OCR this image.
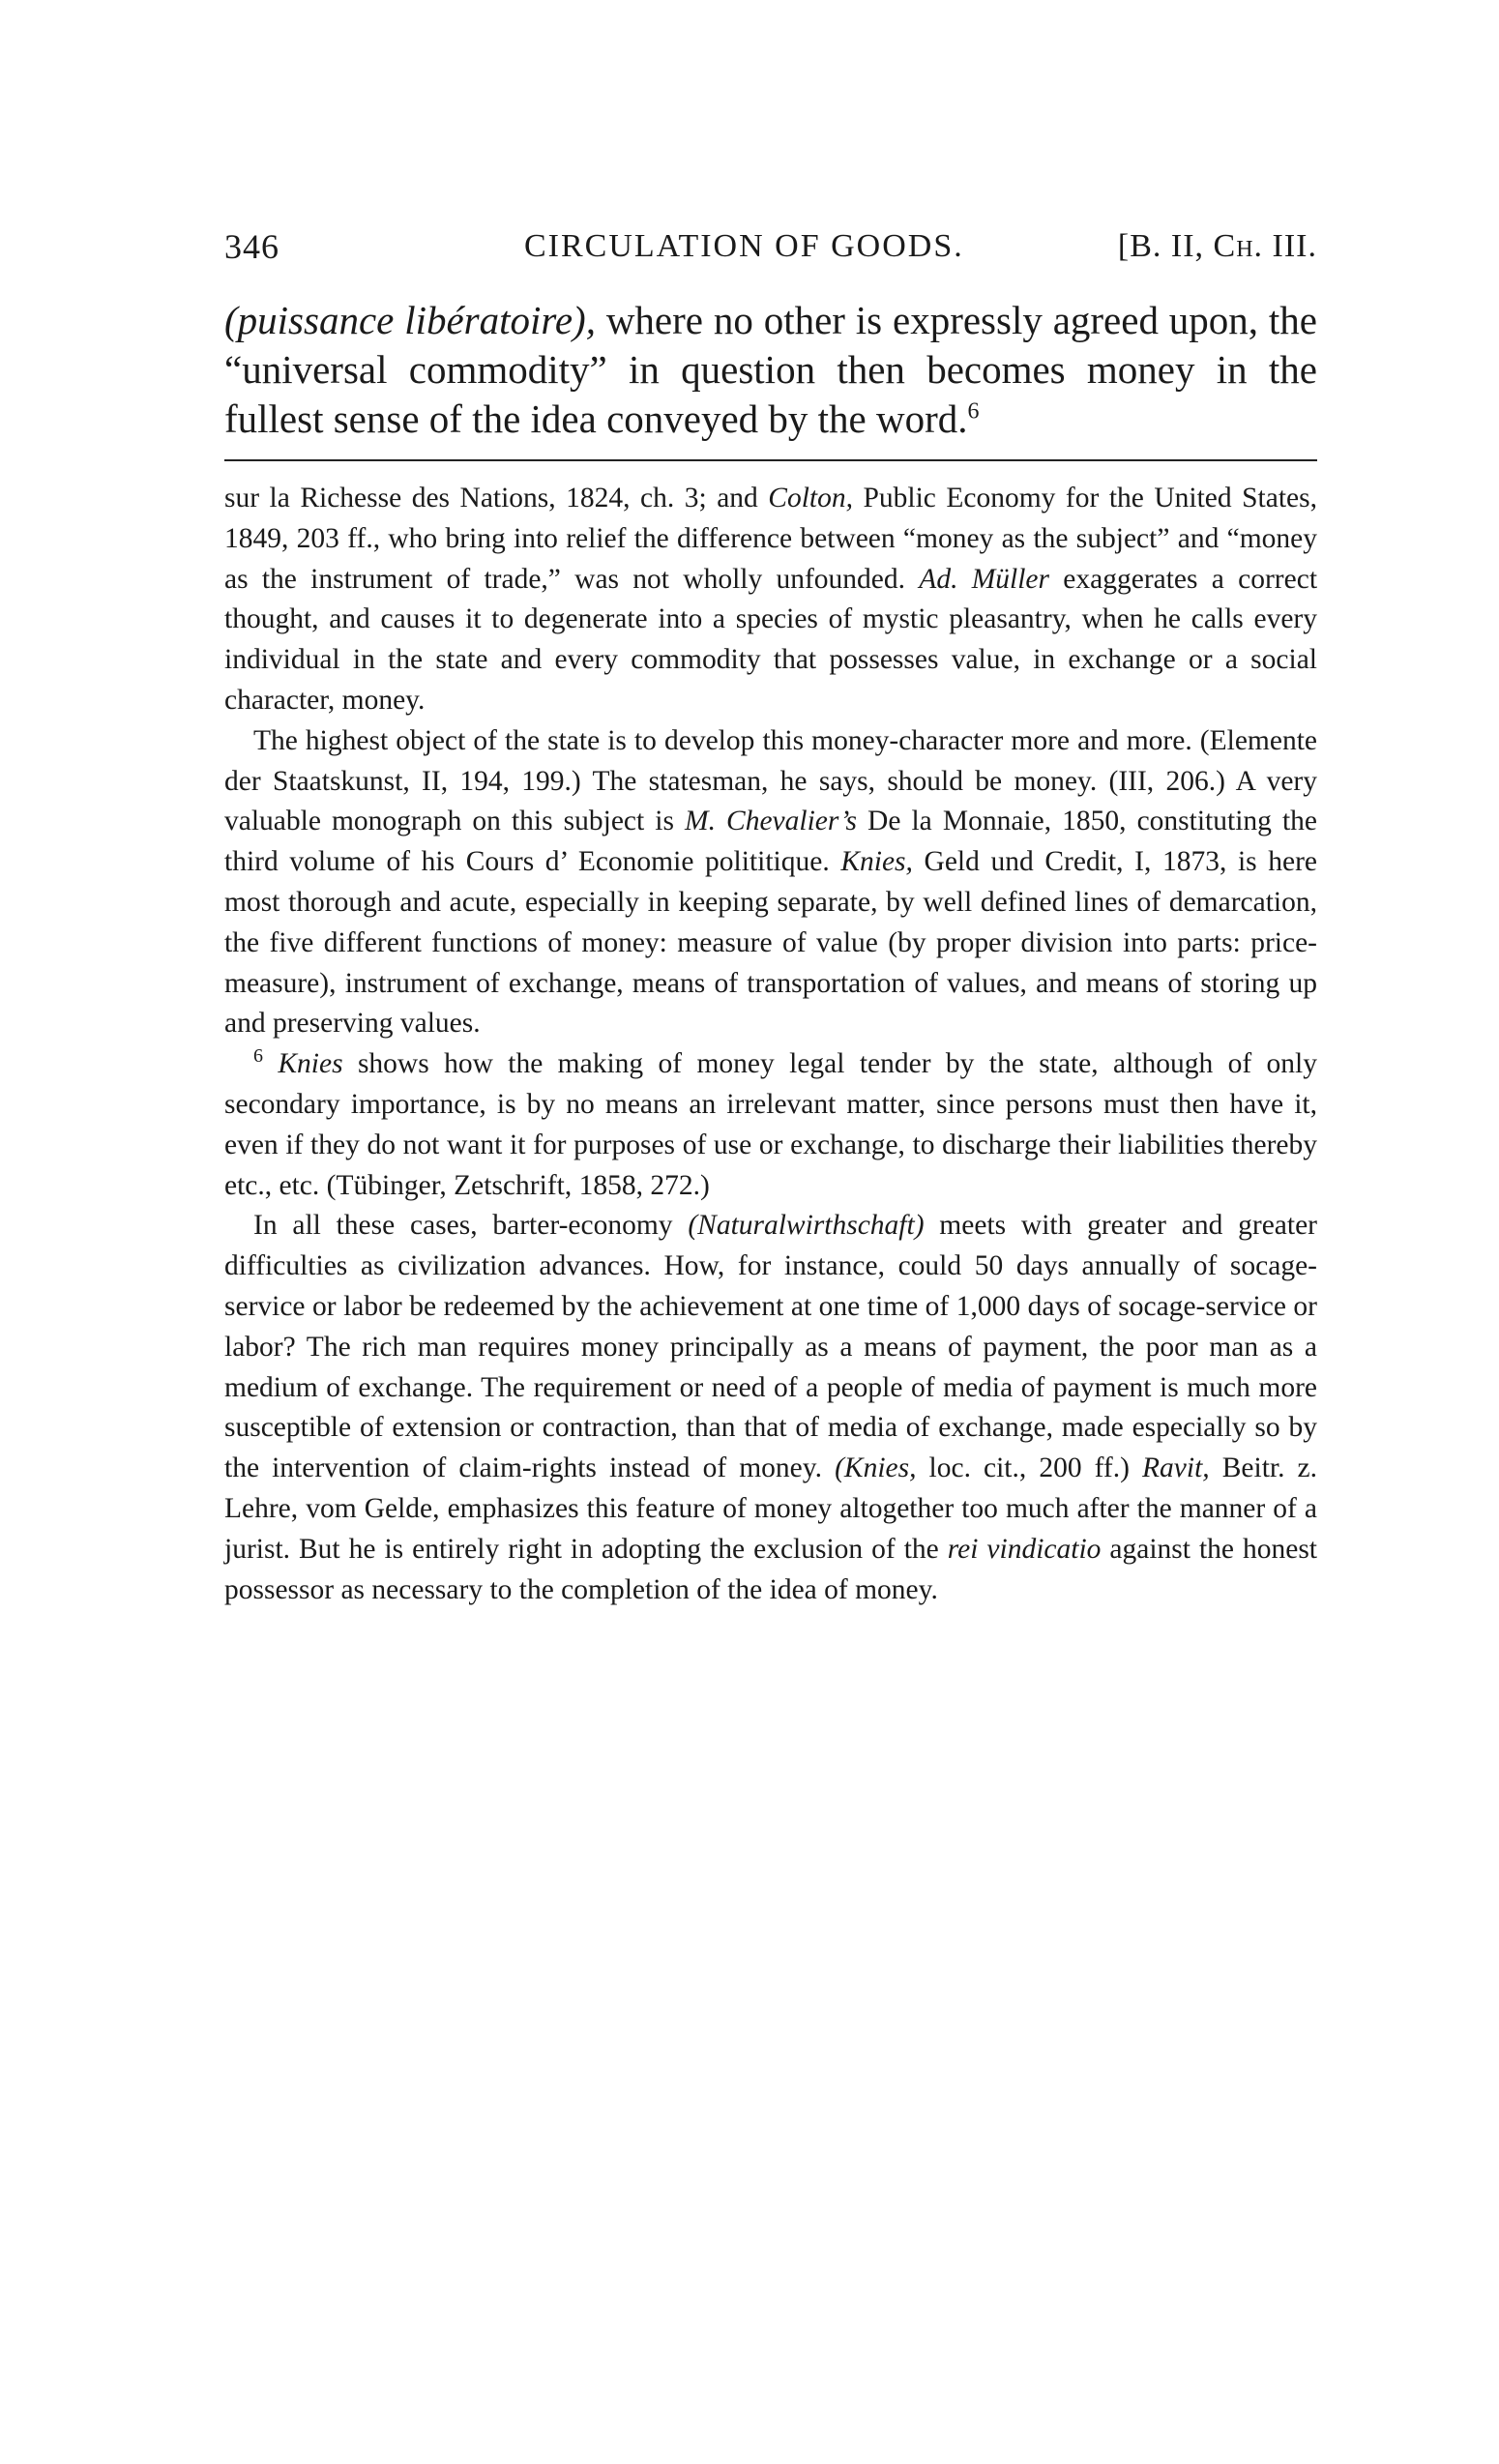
346	CIRCULATION OF GOODS.	[B. II, Ch. III.
(puissance libératoire), where no other is expressly agreed upon, the “universal commodity” in question then becomes money in the fullest sense of the idea conveyed by the word.$^6$

sur la Richesse des Nations, 1824, ch. 3; and Colton, Public Economy for the United States, 1849, 203 ff., who bring into relief the difference between “money as the subject” and “money as the instrument of trade,” was not wholly unfounded. Ad. Müller exaggerates a correct thought, and causes it to degenerate into a species of mystic pleasantry, when he calls every individual in the state and every commodity that possesses value, in exchange or a social character, money.

The highest object of the state is to develop this money-character more and more. (Elemente der Staatskunst, II, 194, 199.) The statesman, he says, should be money. (III, 206.) A very valuable monograph on this subject is M. Chevalier’s De la Monnaie, 1850, constituting the third volume of his Cours d’ Economie polititique. Knies, Geld und Credit, I, 1873, is here most thorough and acute, especially in keeping separate, by well defined lines of demarcation, the five different functions of money: measure of value (by proper division into parts: price-measure), instrument of exchange, means of transportation of values, and means of storing up and preserving values.

$^6$ Knies shows how the making of money legal tender by the state, although of only secondary importance, is by no means an irrelevant matter, since persons must then have it, even if they do not want it for purposes of use or exchange, to discharge their liabilities thereby etc., etc. (Tübinger, Zetschrift, 1858, 272.)

In all these cases, barter-economy (Naturalwirthschaft) meets with greater and greater difficulties as civilization advances. How, for instance, could 50 days annually of socage-service or labor be redeemed by the achievement at one time of 1,000 days of socage-service or labor? The rich man requires money principally as a means of payment, the poor man as a medium of exchange. The requirement or need of a people of media of payment is much more susceptible of extension or contraction, than that of media of exchange, made especially so by the intervention of claim-rights instead of money. (Knies, loc. cit., 200 ff.) Ravit, Beitr. z. Lehre, vom Gelde, emphasizes this feature of money altogether too much after the manner of a jurist. But he is entirely right in adopting the exclusion of the rei vindicatio against the honest possessor as necessary to the completion of the idea of money.
